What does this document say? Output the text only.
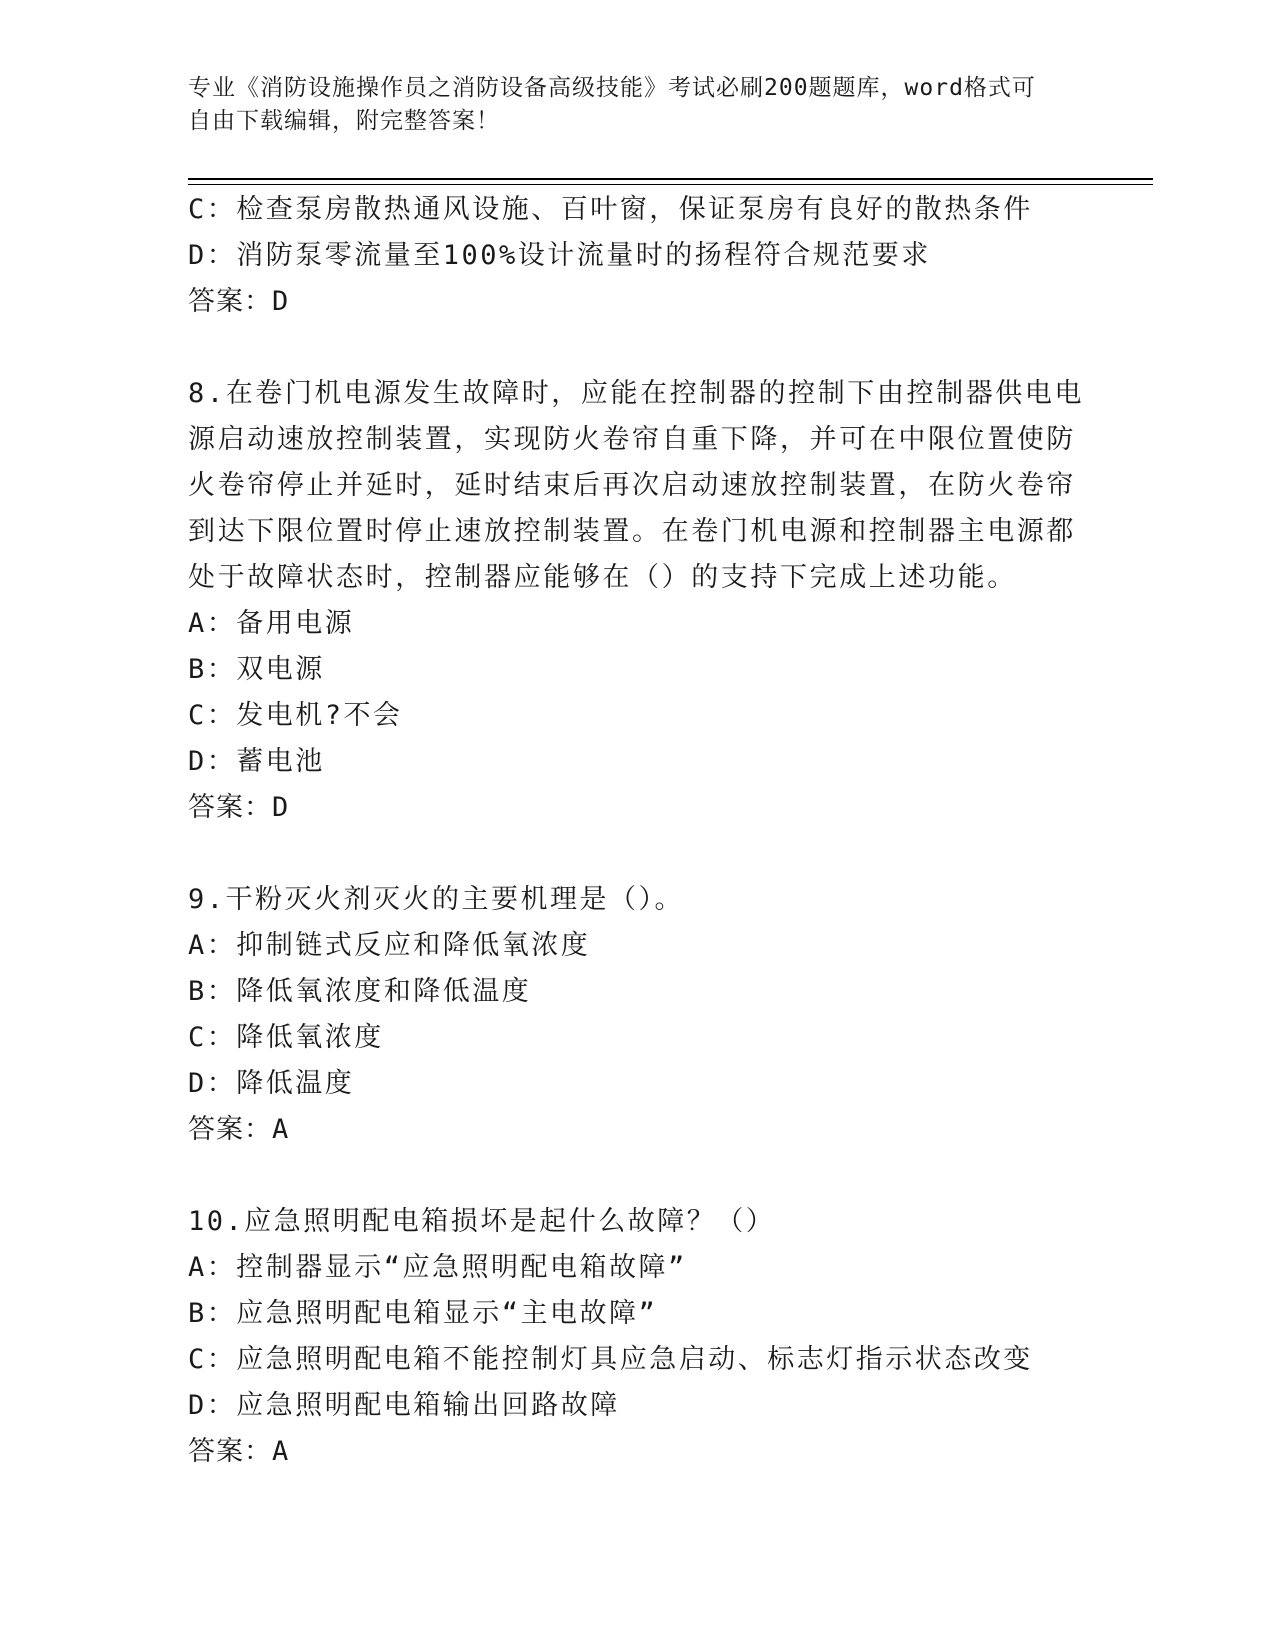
专业《消防设施操作员之消防设备高级技能》考试必刷200题题库，word格式可
自由下载编辑，附完整答案！
C：检查泵房散热通风设施、百叶窗，保证泵房有良好的散热条件
D：消防泵零流量至100%设计流量时的扬程符合规范要求
答案：D
8.在卷门机电源发生故障时，应能在控制器的控制下由控制器供电电
源启动速放控制装置，实现防火卷帘自重下降，并可在中限位置使防
火卷帘停止并延时，延时结束后再次启动速放控制装置，在防火卷帘
到达下限位置时停止速放控制装置。在卷门机电源和控制器主电源都
处于故障状态时，控制器应能够在（）的支持下完成上述功能。
A：备用电源
B：双电源
C：发电机?不会
D：蓄电池
答案：D
9.干粉灭火剂灭火的主要机理是（）。
A：抑制链式反应和降低氧浓度
B：降低氧浓度和降低温度
C：降低氧浓度
D：降低温度
答案：A
10.应急照明配电箱损坏是起什么故障？（）
A：控制器显示“应急照明配电箱故障”
B：应急照明配电箱显示“主电故障”
C：应急照明配电箱不能控制灯具应急启动、标志灯指示状态改变
D：应急照明配电箱输出回路故障
答案：A
